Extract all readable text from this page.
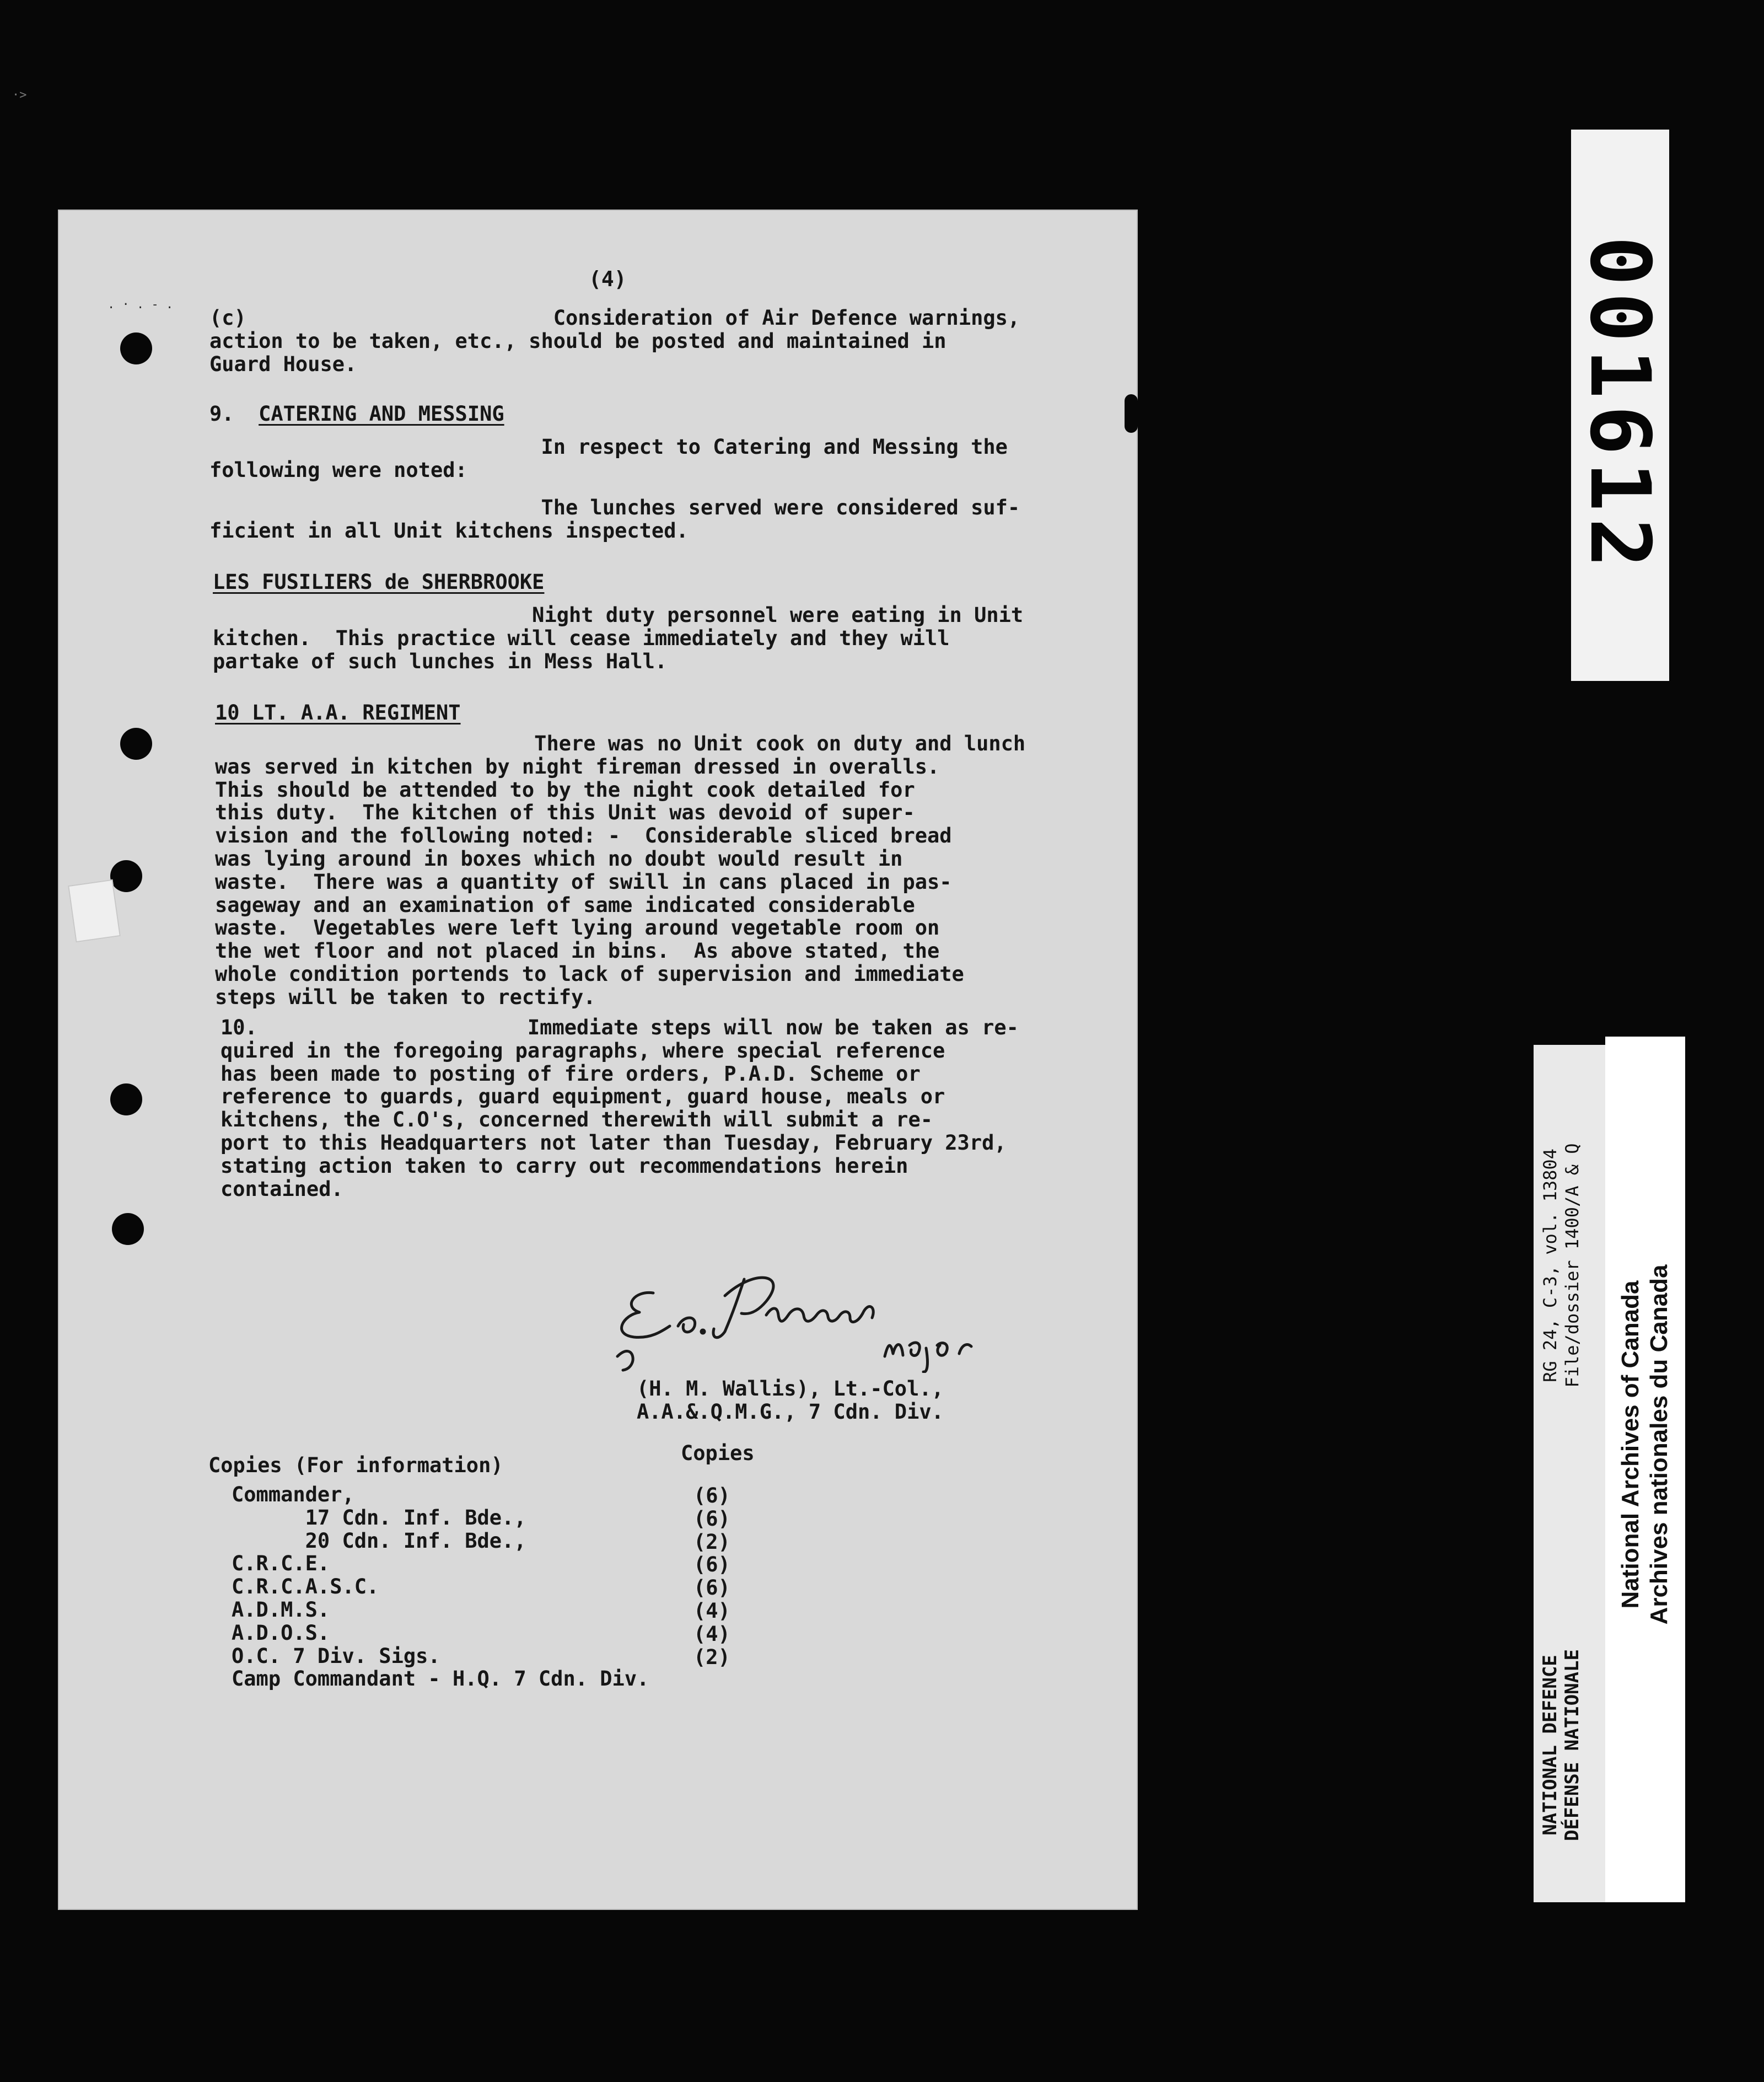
·>
. · . - .
(4)
(c)                         Consideration of Air Defence warnings,
action to be taken, etc., should be posted and maintained in
Guard House.
9. CATERING AND MESSING
In respect to Catering and Messing the
following were noted:
The lunches served were considered suf-
ficient in all Unit kitchens inspected.
LES FUSILIERS de SHERBROOKE
Night duty personnel were eating in Unit
kitchen.  This practice will cease immediately and they will
partake of such lunches in Mess Hall.
10 LT. A.A. REGIMENT
There was no Unit cook on duty and lunch
was served in kitchen by night fireman dressed in overalls.
This should be attended to by the night cook detailed for
this duty.  The kitchen of this Unit was devoid of super-
vision and the following noted: -  Considerable sliced bread
was lying around in boxes which no doubt would result in
waste.  There was a quantity of swill in cans placed in pas-
sageway and an examination of same indicated considerable
waste.  Vegetables were left lying around vegetable room on
the wet floor and not placed in bins.  As above stated, the
whole condition portends to lack of supervision and immediate
steps will be taken to rectify.
10.                      Immediate steps will now be taken as re-
quired in the foregoing paragraphs, where special reference
has been made to posting of fire orders, P.A.D. Scheme or
reference to guards, guard equipment, guard house, meals or
kitchens, the C.O's, concerned therewith will submit a re-
port to this Headquarters not later than Tuesday, February 23rd,
stating action taken to carry out recommendations herein
contained.
(H. M. Wallis), Lt.-Col.,
A.A.&.Q.M.G., 7 Cdn. Div.
Copies
Copies (For information)
Commander,
17 Cdn. Inf. Bde.,
20 Cdn. Inf. Bde.,
C.R.C.E.
C.R.C.A.S.C.
A.D.M.S.
A.D.O.S.
O.C. 7 Div. Sigs.
Camp Commandant - H.Q. 7 Cdn. Div.
(6)
(6)
(2)
(6)
(6)
(4)
(4)
(2)
001612
NATIONAL DEFENCE DÉFENSE NATIONALE
RG 24, C-3, vol. 13804 File/dossier 1400/A & Q
National Archives of Canada Archives nationales du Canada
